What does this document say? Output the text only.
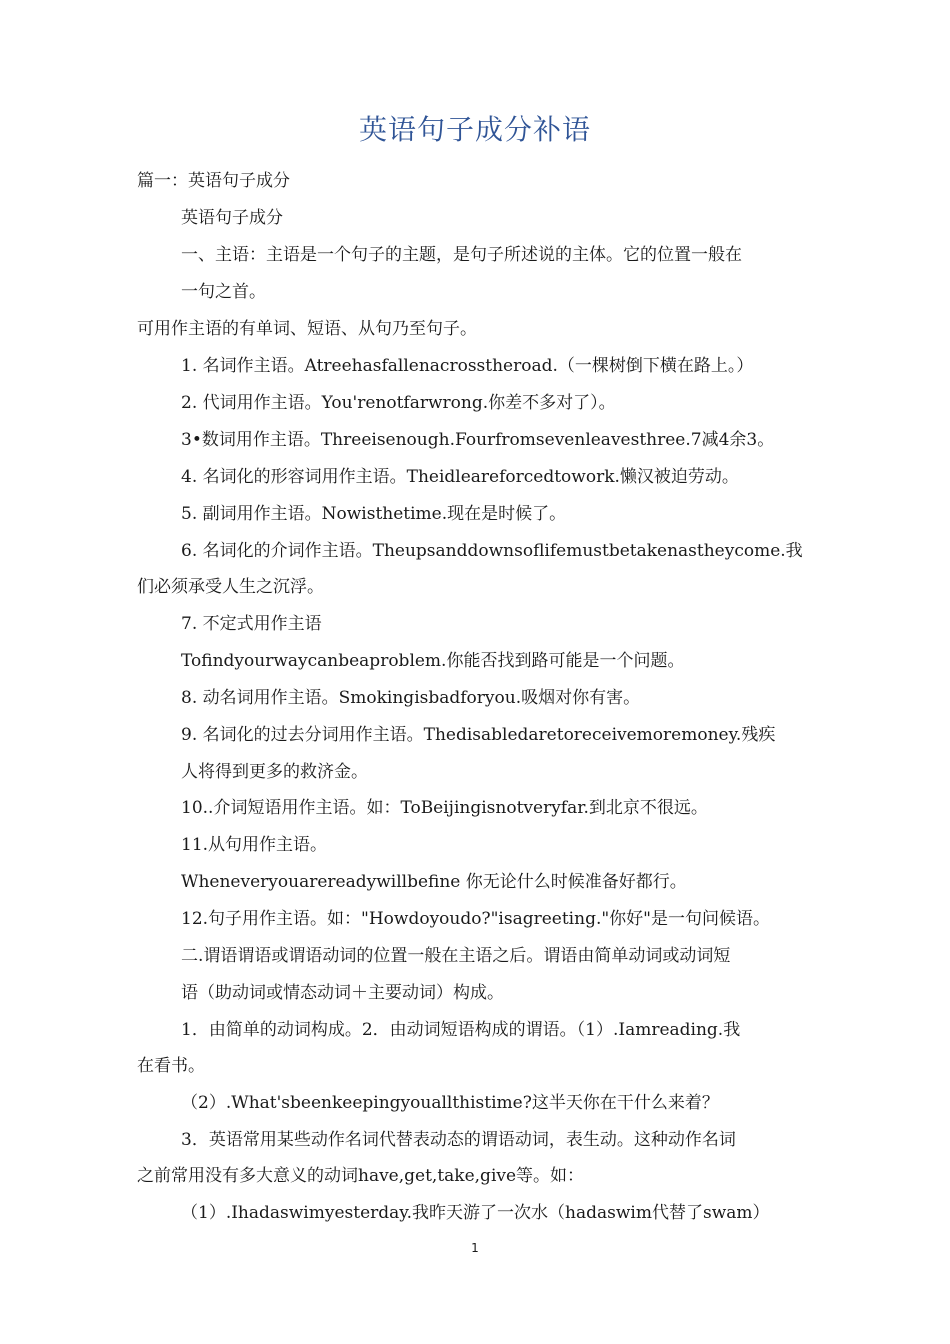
英语句子成分补语
篇一：英语句子成分
英语句子成分
一、主语：主语是一个句子的主题，是句子所述说的主体。它的位置一般在
一句之首。
可用作主语的有单词、短语、从句乃至句子。
1. 名词作主语。Atreehasfallenacrosstheroad.（一棵树倒下横在路上。）
2. 代词用作主语。You'renotfarwrong.你差不多对了）。
3•数词用作主语。Threeisenough.Fourfromsevenleavesthree.7减4余3。
4. 名词化的形容词用作主语。Theidleareforcedtowork.懒汉被迫劳动。
5. 副词用作主语。Nowisthetime.现在是时候了。
6. 名词化的介词作主语。Theupsanddownsoflifemustbetakenastheycome.我
们必须承受人生之沉浮。
7. 不定式用作主语
Tofindyourwaycanbeaproblem.你能否找到路可能是一个问题。
8. 动名词用作主语。Smokingisbadforyou.吸烟对你有害。
9. 名词化的过去分词用作主语。Thedisabledaretoreceivemoremoney.残疾
人将得到更多的救济金。
10..介词短语用作主语。如：ToBeijingisnotveryfar.到北京不很远。
11.从句用作主语。
Wheneveryouarereadywillbefine 你无论什么时候准备好都行。
12.句子用作主语。如："Howdoyoudo?"isagreeting."你好"是一句问候语。
二.谓语谓语或谓语动词的位置一般在主语之后。谓语由简单动词或动词短
语（助动词或情态动词＋主要动词）构成。
1．由简单的动词构成。2．由动词短语构成的谓语。（1）.Iamreading.我
在看书。
（2）.What'sbeenkeepingyouallthistime?这半天你在干什么来着？
3．英语常用某些动作名词代替表动态的谓语动词，表生动。这种动作名词
之前常用没有多大意义的动词have,get,take,give等。如：
（1）.Ihadaswimyesterday.我昨天游了一次水（hadaswim代替了swam）
1
